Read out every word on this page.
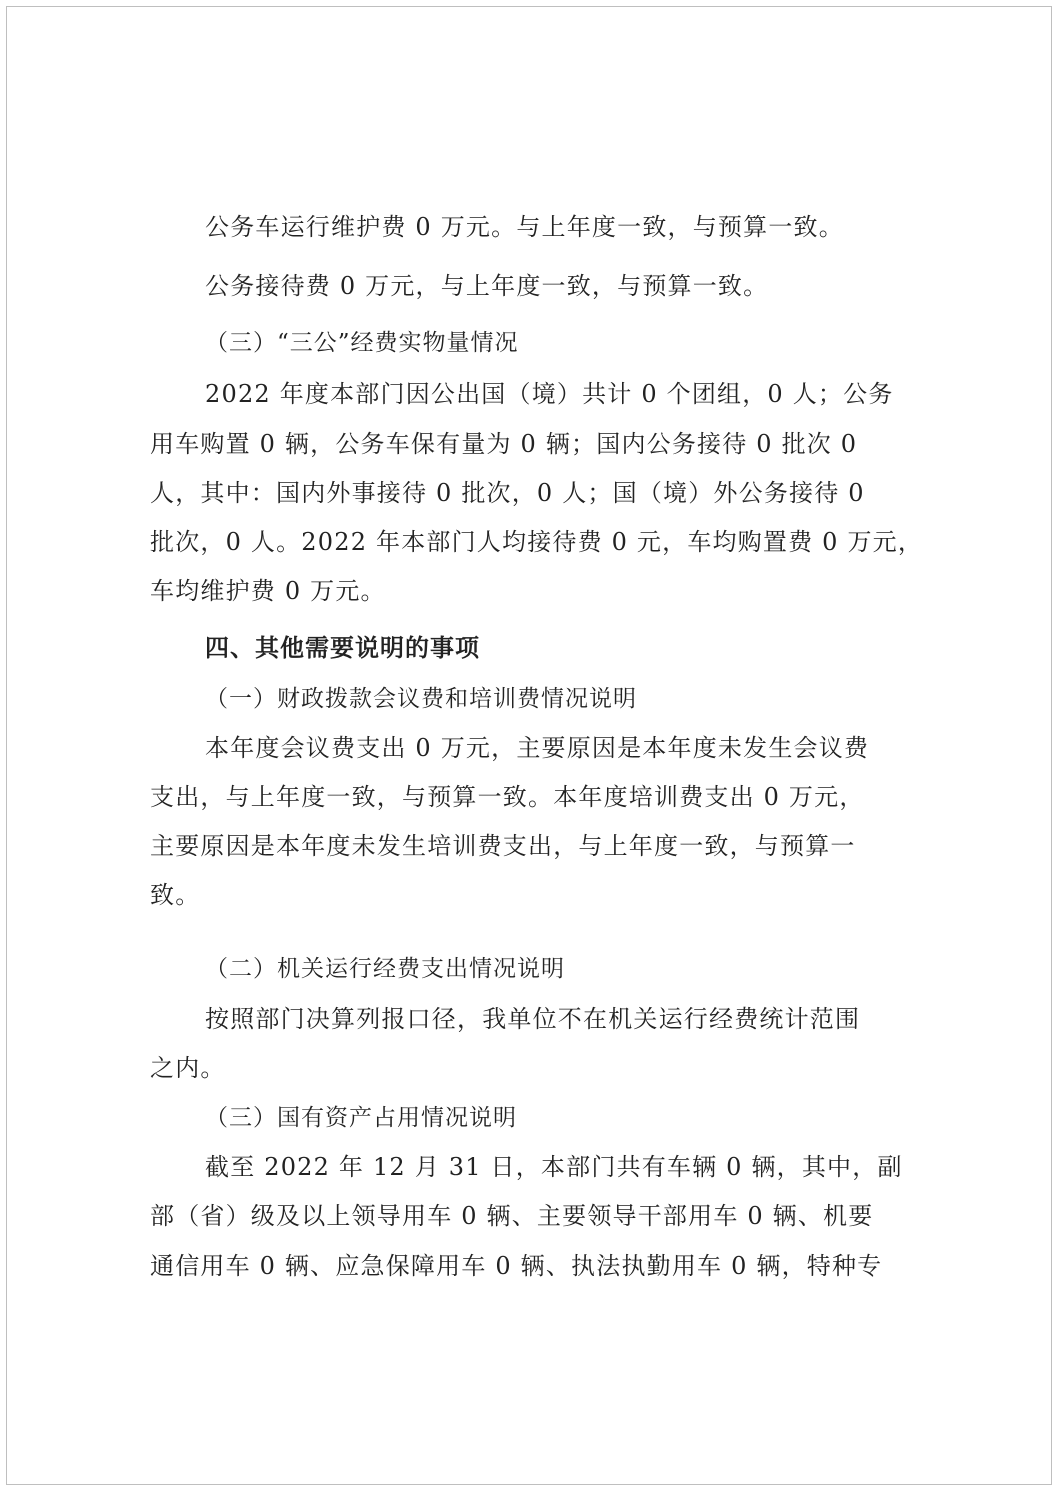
公务车运行维护费 0 万元。与上年度一致，与预算一致。
公务接待费 0 万元，与上年度一致，与预算一致。
（三）“三公”经费实物量情况
2022 年度本部门因公出国（境）共计 0 个团组，0 人；公务
用车购置 0 辆，公务车保有量为 0 辆；国内公务接待 0 批次 0
人，其中：国内外事接待 0 批次，0 人；国（境）外公务接待 0
批次，0 人。2022 年本部门人均接待费 0 元，车均购置费 0 万元，
车均维护费 0 万元。
四、其他需要说明的事项
（一）财政拨款会议费和培训费情况说明
本年度会议费支出 0 万元，主要原因是本年度未发生会议费
支出，与上年度一致，与预算一致。本年度培训费支出 0 万元，
主要原因是本年度未发生培训费支出，与上年度一致，与预算一
致。
（二）机关运行经费支出情况说明
按照部门决算列报口径，我单位不在机关运行经费统计范围
之内。
（三）国有资产占用情况说明
截至 2022 年 12 月 31 日，本部门共有车辆 0 辆，其中，副
部（省）级及以上领导用车 0 辆、主要领导干部用车 0 辆、机要
通信用车 0 辆、应急保障用车 0 辆、执法执勤用车 0 辆，特种专
